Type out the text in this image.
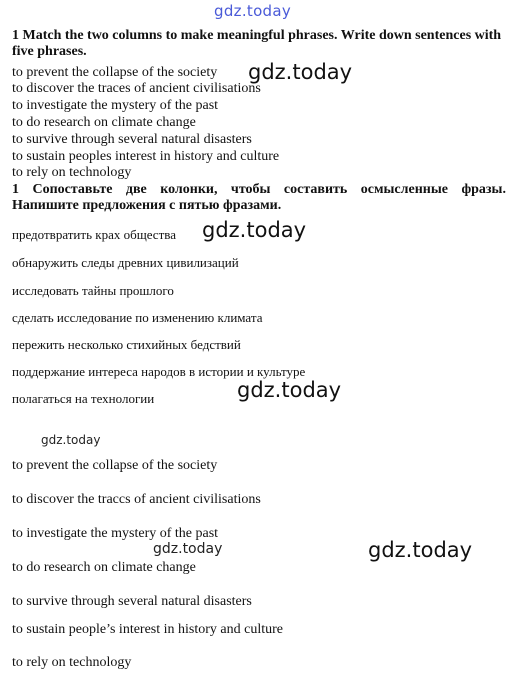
gdz.today
1 Match the two columns to make meaningful phrases. Write down sentences with five phrases.
to prevent the collapse of the society
to discover the traces of ancient civilisations
to investigate the mystery of the past
to do research on climate change
to survive through several natural disasters
to sustain peoples interest in history and culture
to rely on technology
gdz.today
1 Сопоставьте две колонки, чтобы составить осмысленные фразы. Напишите предложения с пятью фразами.
предотвратить крах общества
обнаружить следы древних цивилизаций
исследовать тайны прошлого
сделать исследование по изменению климата
пережить несколько стихийных бедствий
поддержание интереса народов в истории и культуре
полагаться на технологии
gdz.today
gdz.today
gdz.today
to prevent the collapse of the society
to discover the traccs of ancient civilisations
to investigate the mystery of the past
to do research on climate change
to survive through several natural disasters
to sustain people’s interest in history and culture
to rely on technology
gdz.today	gdz.today
